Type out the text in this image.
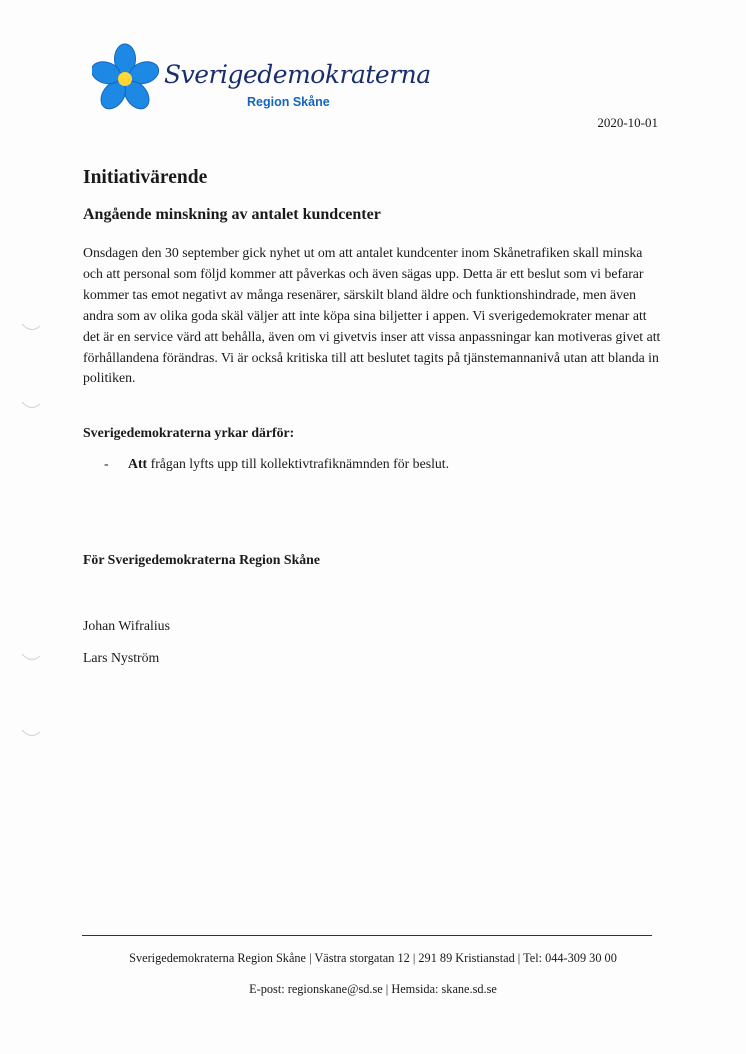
Sverigedemokraterna
Region Skåne
2020-10-01
Initiativärende
Angående minskning av antalet kundcenter

Onsdagen den 30 september gick nyhet ut om att antalet kundcenter inom Skånetrafiken skall minska och att personal som följd kommer att påverkas och även sägas upp. Detta är ett beslut som vi befarar kommer tas emot negativt av många resenärer, särskilt bland äldre och funktionshindrade, men även andra som av olika goda skäl väljer att inte köpa sina biljetter i appen. Vi sverigedemokrater menar att det är en service värd att behålla, även om vi givetvis inser att vissa anpassningar kan motiveras givet att förhållandena förändras. Vi är också kritiska till att beslutet tagits på tjänstemannanivå utan att blanda in politiken.

Sverigedemokraterna yrkar därför:
- Att frågan lyfts upp till kollektivtrafiknämnden för beslut.
För Sverigedemokraterna Region Skåne
Johan Wifralius
Lars Nyström
Sverigedemokraterna Region Skåne | Västra storgatan 12 | 291 89 Kristianstad | Tel: 044-309 30 00
E-post: regionskane@sd.se | Hemsida: skane.sd.se
